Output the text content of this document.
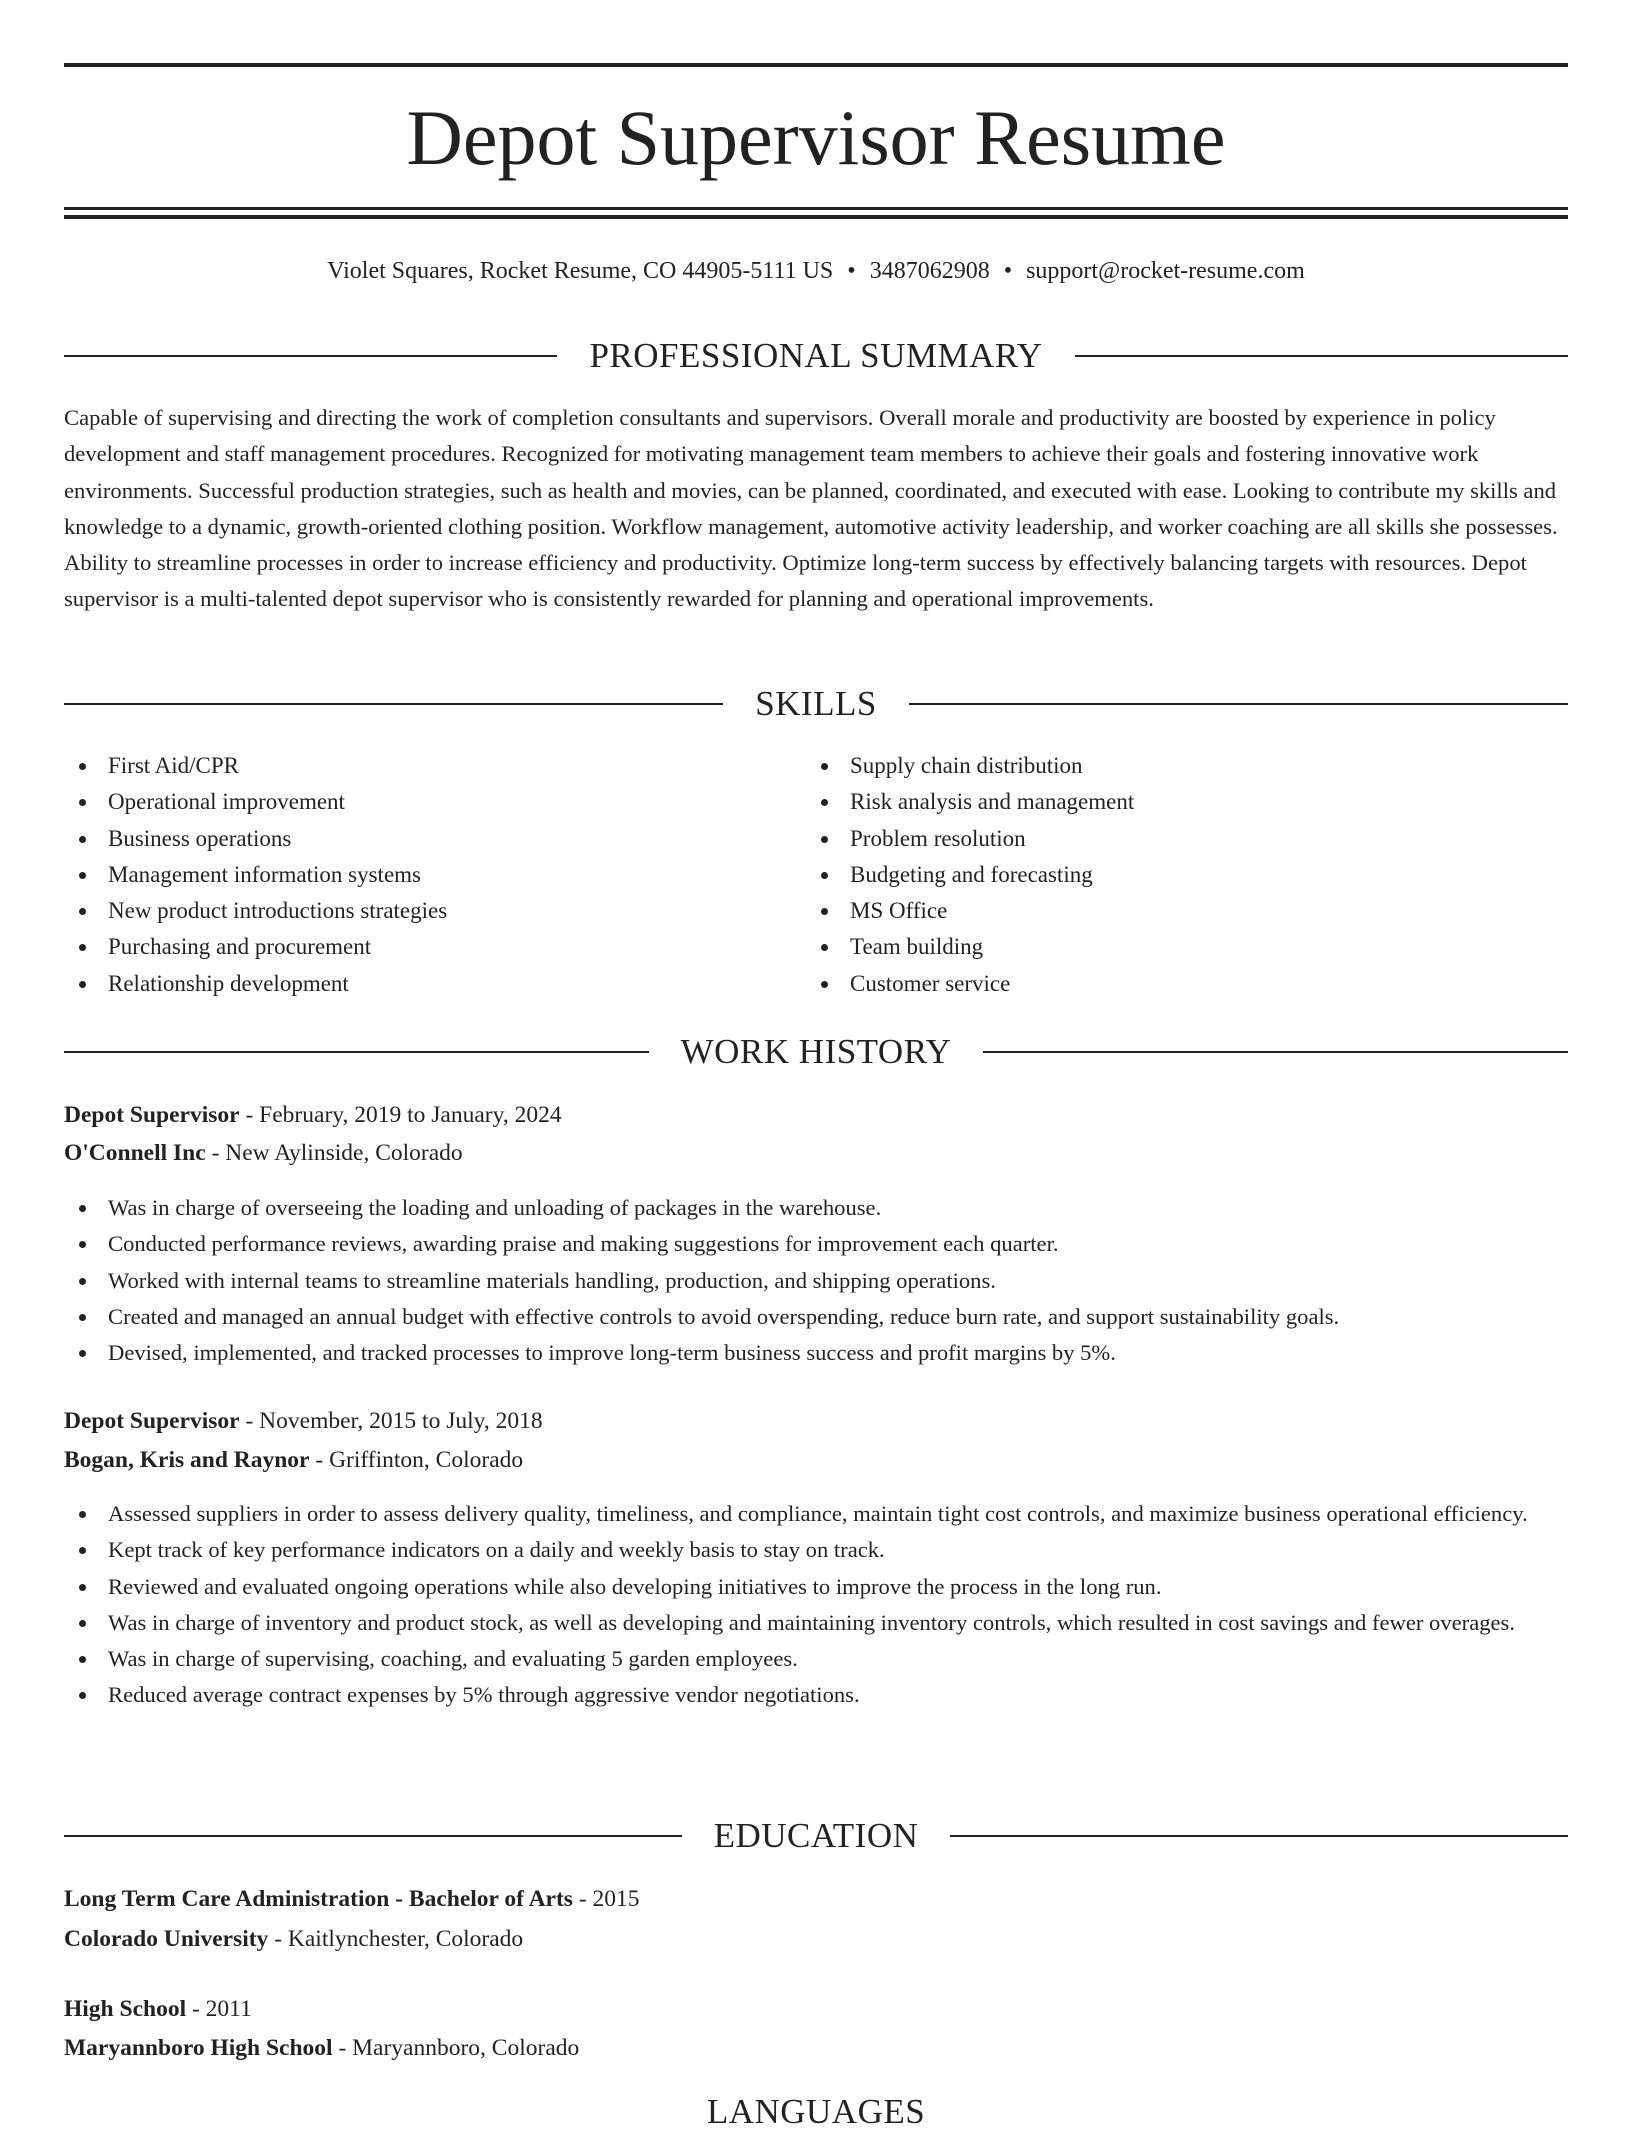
Depot Supervisor Resume
Violet Squares, Rocket Resume, CO 44905-5111 US • 3487062908 • support@rocket-resume.com
PROFESSIONAL SUMMARY

Capable of supervising and directing the work of completion consultants and supervisors. Overall morale and productivity are boosted by experience in policy development and staff management procedures. Recognized for motivating management team members to achieve their goals and fostering innovative work environments. Successful production strategies, such as health and movies, can be planned, coordinated, and executed with ease. Looking to contribute my skills and knowledge to a dynamic, growth-oriented clothing position. Workflow management, automotive activity leadership, and worker coaching are all skills she possesses. Ability to streamline processes in order to increase efficiency and productivity. Optimize long-term success by effectively balancing targets with resources. Depot supervisor is a multi-talented depot supervisor who is consistently rewarded for planning and operational improvements.

SKILLS
First Aid/CPR
Operational improvement
Business operations
Management information systems
New product introductions strategies
Purchasing and procurement
Relationship development
Supply chain distribution
Risk analysis and management
Problem resolution
Budgeting and forecasting
MS Office
Team building
Customer service
WORK HISTORY
Depot Supervisor - February, 2019 to January, 2024
O'Connell Inc - New Aylinside, Colorado
Was in charge of overseeing the loading and unloading of packages in the warehouse.
Conducted performance reviews, awarding praise and making suggestions for improvement each quarter.
Worked with internal teams to streamline materials handling, production, and shipping operations.
Created and managed an annual budget with effective controls to avoid overspending, reduce burn rate, and support sustainability goals.
Devised, implemented, and tracked processes to improve long-term business success and profit margins by 5%.
Depot Supervisor - November, 2015 to July, 2018
Bogan, Kris and Raynor - Griffinton, Colorado
Assessed suppliers in order to assess delivery quality, timeliness, and compliance, maintain tight cost controls, and maximize business operational efficiency.
Kept track of key performance indicators on a daily and weekly basis to stay on track.
Reviewed and evaluated ongoing operations while also developing initiatives to improve the process in the long run.
Was in charge of inventory and product stock, as well as developing and maintaining inventory controls, which resulted in cost savings and fewer overages.
Was in charge of supervising, coaching, and evaluating 5 garden employees.
Reduced average contract expenses by 5% through aggressive vendor negotiations.
EDUCATION
Long Term Care Administration - Bachelor of Arts - 2015
Colorado University - Kaitlynchester, Colorado
High School - 2011
Maryannboro High School - Maryannboro, Colorado
LANGUAGES
